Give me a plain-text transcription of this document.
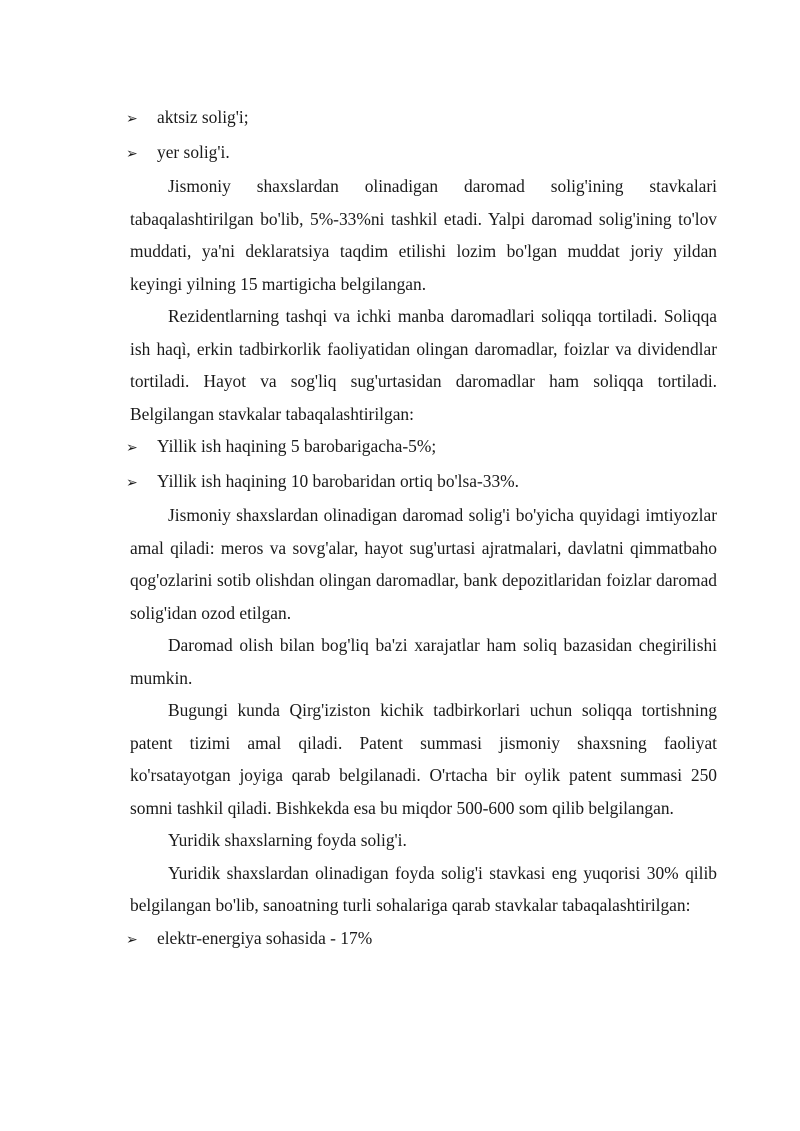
➢	aktsiz solig'i;

➢	yer solig'i.

Jismoniy shaxslardan olinadigan daromad solig'ining stavkalari tabaqalashtirilgan bo'lib, 5%-33%ni tashkil etadi. Yalpi daromad solig'ining to'lov muddati, ya'ni deklaratsiya taqdim etilishi lozim bo'lgan muddat joriy yildan keyingi yilning 15 martigicha belgilangan.

Rezidentlarning tashqi va ichki manba daromadlari soliqqa tortiladi. Soliqqa ish haqì, erkin tadbirkorlik faoliyatidan olingan daromadlar, foizlar va dividendlar tortiladi. Hayot va sog'liq sug'urtasidan daromadlar ham soliqqa tortiladi. Belgilangan stavkalar tabaqalashtirilgan:

➢	Yillik ish haqining 5 barobarigacha-5%;

➢	Yillik ish haqining 10 barobaridan ortiq bo'lsa-33%.

Jismoniy shaxslardan olinadigan daromad solig'i bo'yicha quyidagi imtiyozlar amal qiladi: meros va sovg'alar, hayot sug'urtasi ajratmalari, davlatni qimmatbaho qog'ozlarini sotib olishdan olingan daromadlar, bank depozitlaridan foizlar daromad solig'idan ozod etilgan.

Daromad olish bilan bog'liq ba'zi xarajatlar ham soliq bazasidan chegirilishi mumkin.

Bugungi kunda Qirg'iziston kichik tadbirkorlari uchun soliqqa tortishning patent tizimi amal qiladi. Patent summasi jismoniy shaxsning faoliyat ko'rsatayotgan joyiga qarab belgilanadi. O'rtacha bir oylik patent summasi 250 somni tashkil qiladi. Bishkekda esa bu miqdor 500-600 som qilib belgilangan.

Yuridik shaxslarning foyda solig'i.

Yuridik shaxslardan olinadigan foyda solig'i stavkasi eng yuqorisi 30% qilib belgilangan bo'lib, sanoatning turli sohalariga qarab stavkalar tabaqalashtirilgan:

➢	elektr-energiya sohasida - 17%
